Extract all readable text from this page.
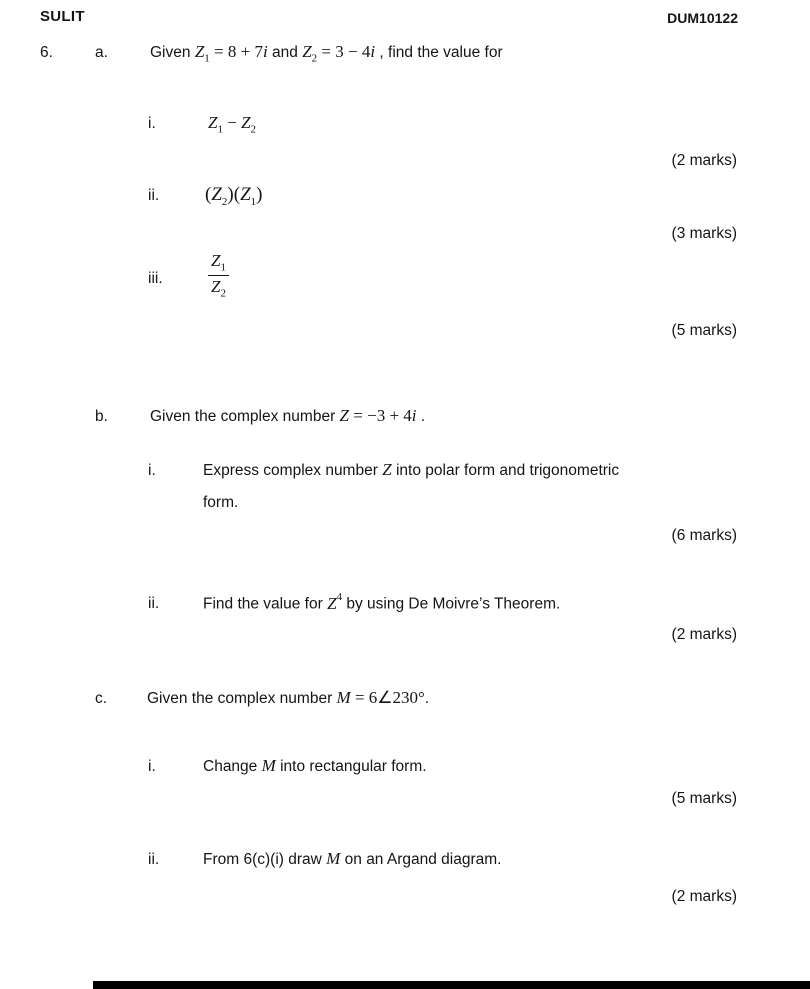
SULIT	DUM10122
6.	a.	Given $Z_1 = 8 + 7i$ and $Z_2 = 3 - 4i$ , find the value for
i.	$Z_1 - Z_2$
(2 marks)
ii. $(Z_2)(Z_1)$
(3 marks)
iii.	$\frac{Z_1}{Z_2}$
(5 marks)
b.	Given the complex number Z = −3 + 4i .
i.	Express complex number Z into polar form and trigonometric
form.
(6 marks)
ii.	Find the value for $Z^4$ by using De Moivre’s Theorem.
(2 marks)
c.	Given the complex number M = 6∠230°.
i.	Change M into rectangular form.
(5 marks)
ii.	From 6(c)(i) draw M on an Argand diagram.
(2 marks)
